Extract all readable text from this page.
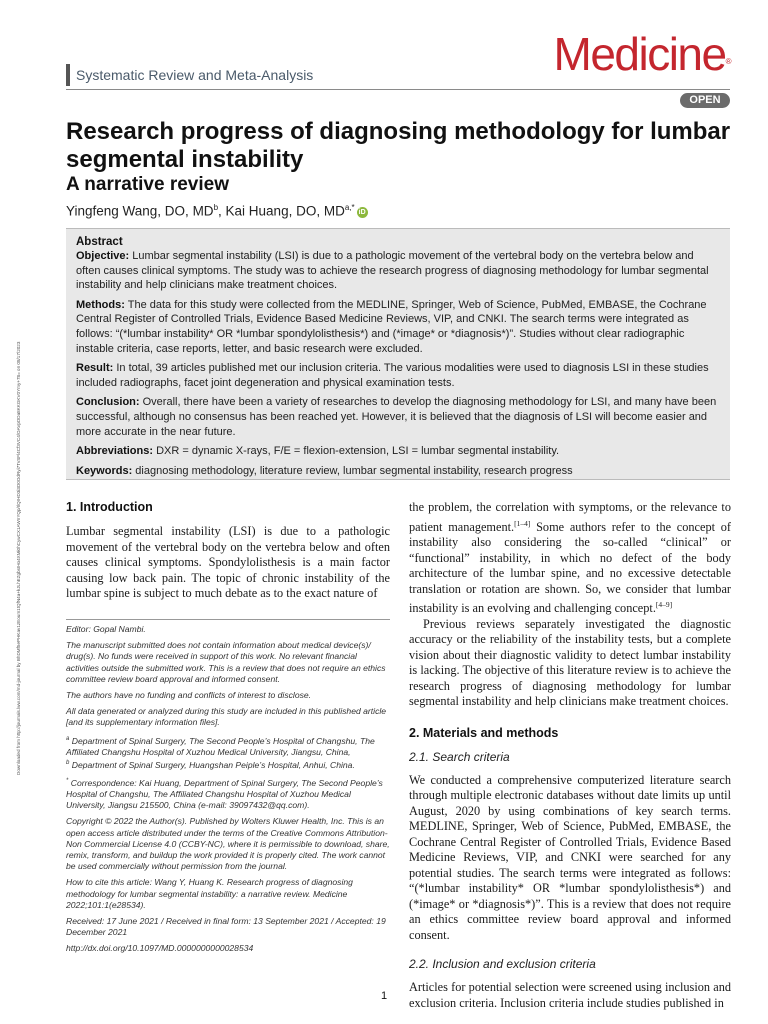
Downloaded from http://journals.lww.com/md-journal by BhDMf5ePHKav1zEoum1tQfN4a+kJLhEZgbsIHo4XMi0hCywCX1AWnYQp/IlQrHD3i3D0OdRyi7TvSFl4Cf3VC4/OAVpDDa8KKGKV0Ymy+78= on 08/17/2023
Systematic Review and Meta-Analysis	Medicine®
OPEN
Research progress of diagnosing methodology for lumbar segmental instability
A narrative review
Yingfeng Wang, DO, $MD^b$, Kai Huang, DO, $MD^{a,*}$ iD
Abstract

Objective: Lumbar segmental instability (LSI) is due to a pathologic movement of the vertebral body on the vertebra below and often causes clinical symptoms. The study was to achieve the research progress of diagnosing methodology for lumbar segmental instability and help clinicians make treatment choices.

Methods: The data for this study were collected from the MEDLINE, Springer, Web of Science, PubMed, EMBASE, the Cochrane Central Register of Controlled Trials, Evidence Based Medicine Reviews, VIP, and CNKI. The search terms were integrated as follows: “(*lumbar instability* OR *lumbar spondylolisthesis*) and (*image* or *diagnosis*)”. Studies without clear radiographic instable criteria, case reports, letter, and basic research were excluded.

Result: In total, 39 articles published met our inclusion criteria. The various modalities were used to diagnosis LSI in these studies included radiographs, facet joint degeneration and physical examination tests.

Conclusion: Overall, there have been a variety of researches to develop the diagnosing methodology for LSI, and many have been successful, although no consensus has been reached yet. However, it is believed that the diagnosis of LSI will become easier and more accurate in the near future.

Abbreviations: DXR = dynamic X-rays, F/E = flexion-extension, LSI = lumbar segmental instability.

Keywords: diagnosing methodology, literature review, lumbar segmental instability, research progress

1. Introduction

Lumbar segmental instability (LSI) is due to a pathologic movement of the vertebral body on the vertebra below and often causes clinical symptoms. Spondylolisthesis is a main factor causing low back pain. The topic of chronic instability of the lumbar spine is subject to much debate as to the exact nature of

Editor: Gopal Nambi.

The manuscript submitted does not contain information about medical device(s)/ drug(s). No funds were received in support of this work. No relevant financial activities outside the submitted work. This is a review that does not require an ethics committee review board approval and informed consent.

The authors have no funding and conflicts of interest to disclose.

All data generated or analyzed during this study are included in this published article [and its supplementary information files].

$^a$ Department of Spinal Surgery, The Second People’s Hospital of Changshu, The Affiliated Changshu Hospital of Xuzhou Medical University, Jiangsu, China,
$^b$ Department of Spinal Surgery, Huangshan Peiple’s Hospital, Anhui, China.

* Correspondence: Kai Huang, Department of Spinal Surgery, The Second People’s Hospital of Changshu, The Affiliated Changshu Hospital of Xuzhou Medical University, Jiangsu 215500, China (e-mail: 39097432@qq.com).

Copyright © 2022 the Author(s). Published by Wolters Kluwer Health, Inc. This is an open access article distributed under the terms of the Creative Commons Attribution-Non Commercial License 4.0 (CCBY-NC), where it is permissible to download, share, remix, transform, and buildup the work provided it is properly cited. The work cannot be used commercially without permission from the journal.

How to cite this article: Wang Y, Huang K. Research progress of diagnosing methodology for lumbar segmental instability: a narrative review. Medicine 2022;101:1(e28534).

Received: 17 June 2021 / Received in final form: 13 September 2021 / Accepted: 19 December 2021

http://dx.doi.org/10.1097/MD.0000000000028534

the problem, the correlation with symptoms, or the relevance to patient management.[1–4] Some authors refer to the concept of instability also considering the so-called “clinical” or “functional” instability, in which no defect of the body architecture of the lumbar spine, and no excessive detectable translation or rotation are shown. So, we consider that lumbar instability is an evolving and challenging concept.[4–9]

Previous reviews separately investigated the diagnostic accuracy or the reliability of the instability tests, but a complete vision about their diagnostic validity to detect lumbar instability is lacking. The objective of this literature review is to achieve the research progress of diagnosing methodology for lumbar segmental instability and help clinicians make treatment choices.

2. Materials and methods
2.1. Search criteria

We conducted a comprehensive computerized literature search through multiple electronic databases without date limits up until August, 2020 by using combinations of key search terms. MEDLINE, Springer, Web of Science, PubMed, EMBASE, the Cochrane Central Register of Controlled Trials, Evidence Based Medicine Reviews, VIP, and CNKI were searched for any potential studies. The search terms were integrated as follows: “(*lumbar instability* OR *lumbar spondylolisthesis*) and (*image* or *diagnosis*)”. This is a review that does not require an ethics committee review board approval and informed consent.

2.2. Inclusion and exclusion criteria

Articles for potential selection were screened using inclusion and exclusion criteria. Inclusion criteria include studies published in

1
